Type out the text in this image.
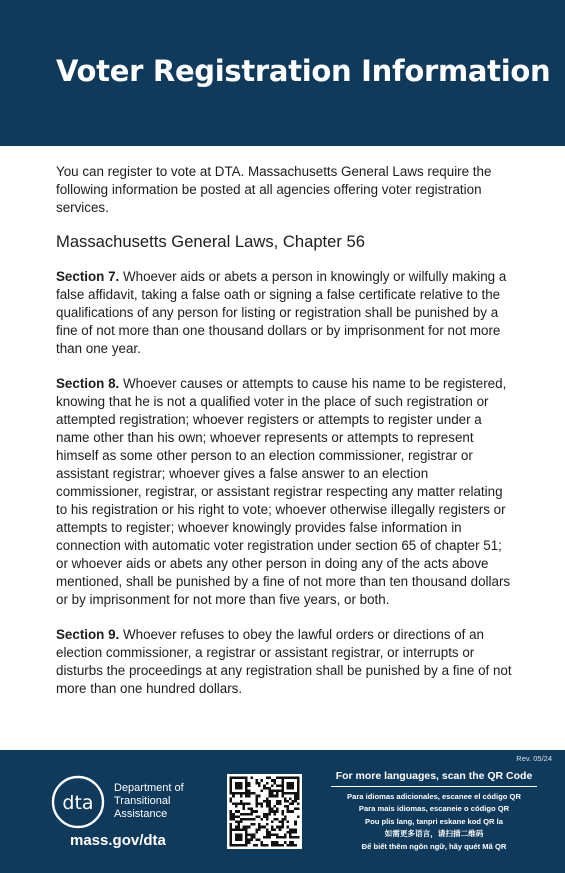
Voter Registration Information

You can register to vote at DTA. Massachusetts General Laws require the following information be posted at all agencies offering voter registration services.

Massachusetts General Laws, Chapter 56

Section 7. Whoever aids or abets a person in knowingly or wilfully making a false affidavit, taking a false oath or signing a false certificate relative to the qualifications of any person for listing or registration shall be punished by a fine of not more than one thousand dollars or by imprisonment for not more than one year.

Section 8. Whoever causes or attempts to cause his name to be registered, knowing that he is not a qualified voter in the place of such registration or attempted registration; whoever registers or attempts to register under a name other than his own; whoever represents or attempts to represent himself as some other person to an election commissioner, registrar or assistant registrar; whoever gives a false answer to an election commissioner, registrar, or assistant registrar respecting any matter relating to his registration or his right to vote; whoever otherwise illegally registers or attempts to register; whoever knowingly provides false information in connection with automatic voter registration under section 65 of chapter 51; or whoever aids or abets any other person in doing any of the acts above mentioned, shall be punished by a fine of not more than ten thousand dollars or by imprisonment for not more than five years, or both.

Section 9. Whoever refuses to obey the lawful orders or directions of an election commissioner, a registrar or assistant registrar, or interrupts or disturbs the proceedings at any registration shall be punished by a fine of not more than one hundred dollars.

Rev. 05/24
dta
Department of
Transitional
Assistance
mass.gov/dta
For more languages, scan the QR Code
Para idiomas adicionales, escanee el código QR
Para mais idiomas, escaneie o código QR
Pou plis lang, tanpri eskane kod QR la
如需更多语言，请扫描二维码
Để biết thêm ngôn ngữ, hãy quét Mã QR
